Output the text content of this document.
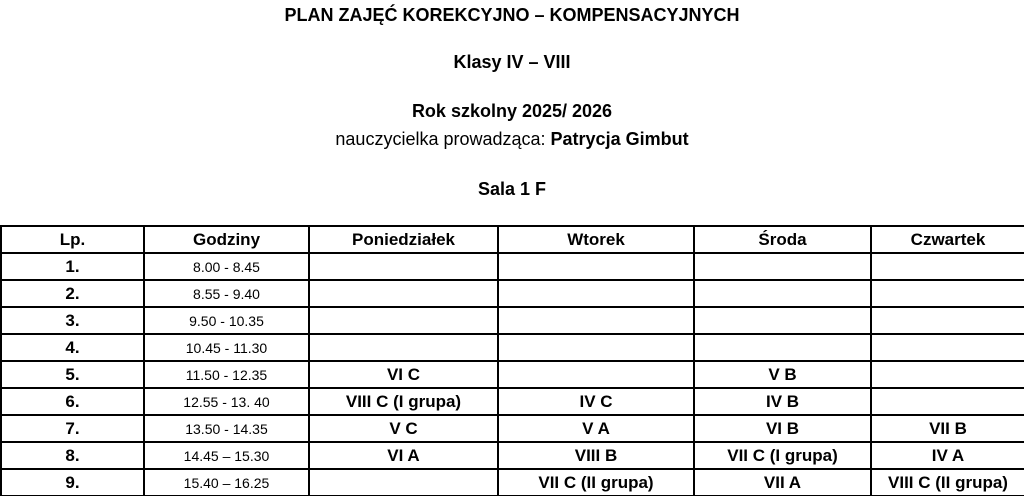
PLAN ZAJĘĆ KOREKCYJNO – KOMPENSACYJNYCH
Klasy IV – VIII
Rok szkolny 2025/ 2026

nauczycielka prowadząca: Patrycja Gimbut

Sala 1 F
Lp.	Godziny	Poniedziałek	Wtorek	Środa	Czwartek
1.	8.00 - 8.45				
2.	8.55 - 9.40				
3.	9.50 - 10.35				
4.	10.45 - 11.30				
5.	11.50 - 12.35	VI C		V B	
6.	12.55 - 13. 40	VIII C (I grupa)	IV C	IV B	
7.	13.50 - 14.35	V C	V A	VI B	VII B
8.	14.45 – 15.30	VI A	VIII B	VII C (I grupa)	IV A
9.	15.40 – 16.25		VII C (II grupa)	VII A	VIII C (II grupa)
